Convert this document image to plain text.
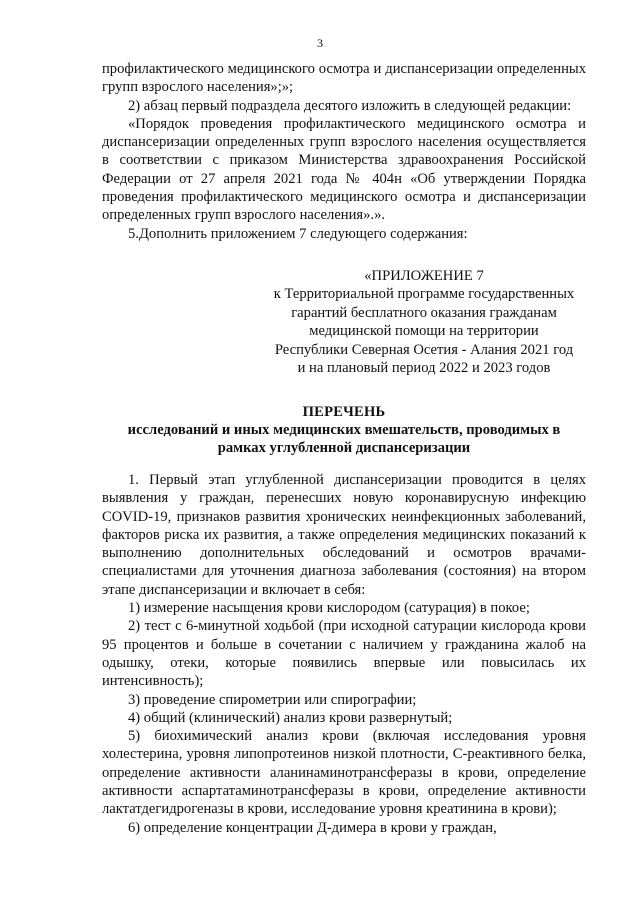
3

профилактического медицинского осмотра и диспансеризации определенных групп взрослого населения»;»;

2) абзац первый подраздела десятого изложить в следующей редакции:

«Порядок проведения профилактического медицинского осмотра и диспансеризации определенных групп взрослого населения осуществляется в соответствии с приказом Министерства здравоохранения Российской Федерации от 27 апреля 2021 года № 404н «Об утверждении Порядка проведения профилактического медицинского осмотра и диспансеризации определенных групп взрослого населения».».

5.Дополнить приложением 7 следующего содержания:

«ПРИЛОЖЕНИЕ 7
к Территориальной программе государственных гарантий бесплатного оказания гражданам медицинской помощи на территории Республики Северная Осетия - Алания 2021 год и на плановый период 2022 и 2023 годов
ПЕРЕЧЕНЬ
исследований и иных медицинских вмешательств, проводимых в рамках углубленной диспансеризации

1. Первый этап углубленной диспансеризации проводится в целях выявления у граждан, перенесших новую коронавирусную инфекцию COVID-19, признаков развития хронических неинфекционных заболеваний, факторов риска их развития, а также определения медицинских показаний к выполнению дополнительных обследований и осмотров врачами-специалистами для уточнения диагноза заболевания (состояния) на втором этапе диспансеризации и включает в себя:

1) измерение насыщения крови кислородом (сатурация) в покое;

2) тест с 6-минутной ходьбой (при исходной сатурации кислорода крови 95 процентов и больше в сочетании с наличием у гражданина жалоб на одышку, отеки, которые появились впервые или повысилась их интенсивность);

3) проведение спирометрии или спирографии;

4) общий (клинический) анализ крови развернутый;

5) биохимический анализ крови (включая исследования уровня холестерина, уровня липопротеинов низкой плотности, С-реактивного белка, определение активности аланинаминотрансферазы в крови, определение активности аспартатаминотрансферазы в крови, определение активности лактатдегидрогеназы в крови, исследование уровня креатинина в крови);

6) определение концентрации Д-димера в крови у граждан,
